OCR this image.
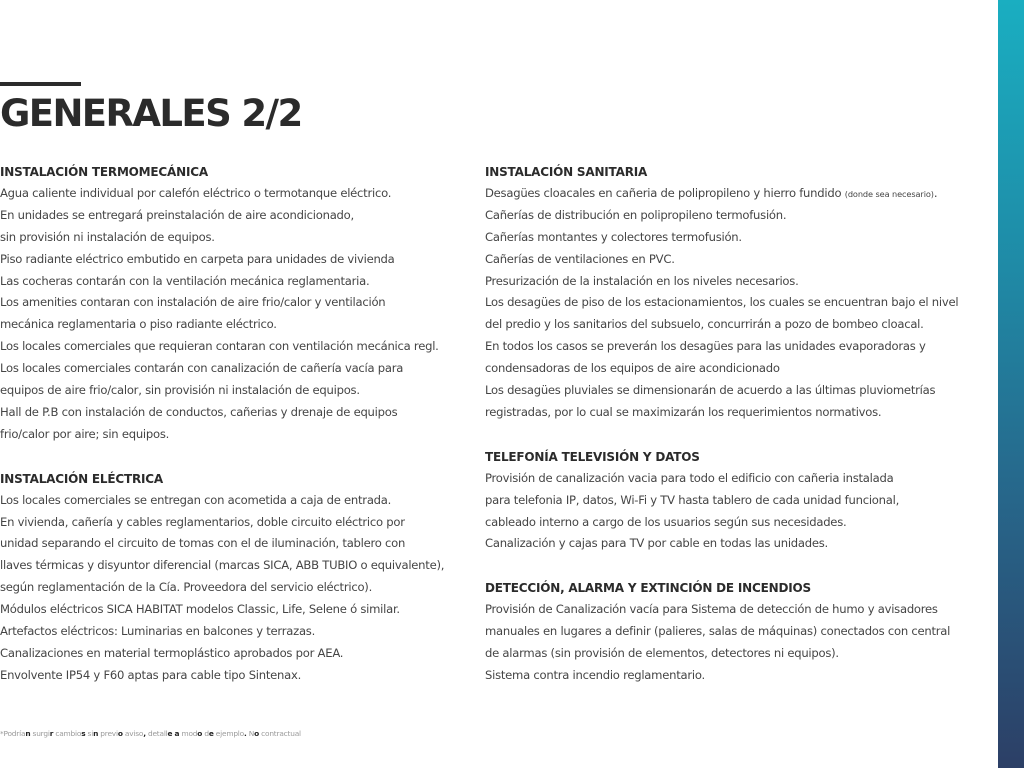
GENERALES 2/2
INSTALACIÓN TERMOMECÁNICA
Agua caliente individual por calefón eléctrico o termotanque eléctrico.
En unidades se entregará preinstalación de aire acondicionado,
sin provisión ni instalación de equipos.
Piso radiante eléctrico embutido en carpeta para unidades de vivienda
Las cocheras contarán con la ventilación mecánica reglamentaria.
Los amenities contaran con instalación de aire frio/calor y ventilación
mecánica reglamentaria o piso radiante eléctrico.
Los locales comerciales que requieran contaran con ventilación mecánica regl.
Los locales comerciales contarán con canalización de cañería vacía para
equipos de aire frio/calor, sin provisión ni instalación de equipos.
Hall de P.B con instalación de conductos, cañerias y drenaje de equipos
frio/calor por aire; sin equipos.
INSTALACIÓN ELÉCTRICA
Los locales comerciales se entregan con acometida a caja de entrada.
En vivienda, cañería y cables reglamentarios, doble circuito eléctrico por
unidad separando el circuito de tomas con el de iluminación, tablero con
llaves térmicas y disyuntor diferencial (marcas SICA, ABB TUBIO o equivalente),
según reglamentación de la Cía. Proveedora del servicio eléctrico).
Módulos eléctricos SICA HABITAT modelos Classic, Life, Selene ó similar.
Artefactos eléctricos: Luminarias en balcones y terrazas.
Canalizaciones en material termoplástico aprobados por AEA.
Envolvente IP54 y F60 aptas para cable tipo Sintenax.
INSTALACIÓN SANITARIA
Desagües cloacales en cañeria de polipropileno y hierro fundido (donde sea necesario).
Cañerías de distribución en polipropileno termofusión.
Cañerías montantes y colectores termofusión.
Cañerías de ventilaciones en PVC.
Presurización de la instalación en los niveles necesarios.
Los desagües de piso de los estacionamientos, los cuales se encuentran bajo el nivel
del predio y los sanitarios del subsuelo, concurrirán a pozo de bombeo cloacal.
En todos los casos se preverán los desagües para las unidades evaporadoras y
condensadoras de los equipos de aire acondicionado
Los desagües pluviales se dimensionarán de acuerdo a las últimas pluviometrías
registradas, por lo cual se maximizarán los requerimientos normativos.
TELEFONÍA TELEVISIÓN Y DATOS
Provisión de canalización vacia para todo el edificio con cañeria instalada
para telefonia IP, datos, Wi-Fi y TV hasta tablero de cada unidad funcional,
cableado interno a cargo de los usuarios según sus necesidades.
Canalización y cajas para TV por cable en todas las unidades.
DETECCIÓN, ALARMA Y EXTINCIÓN DE INCENDIOS
Provisión de Canalización vacía para Sistema de detección de humo y avisadores
manuales en lugares a definir (palieres, salas de máquinas) conectados con central
de alarmas (sin provisión de elementos, detectores ni equipos).
Sistema contra incendio reglamentario.
*Podrían surgir cambios sin previo aviso, detalle a modo de ejemplo. No contractual
